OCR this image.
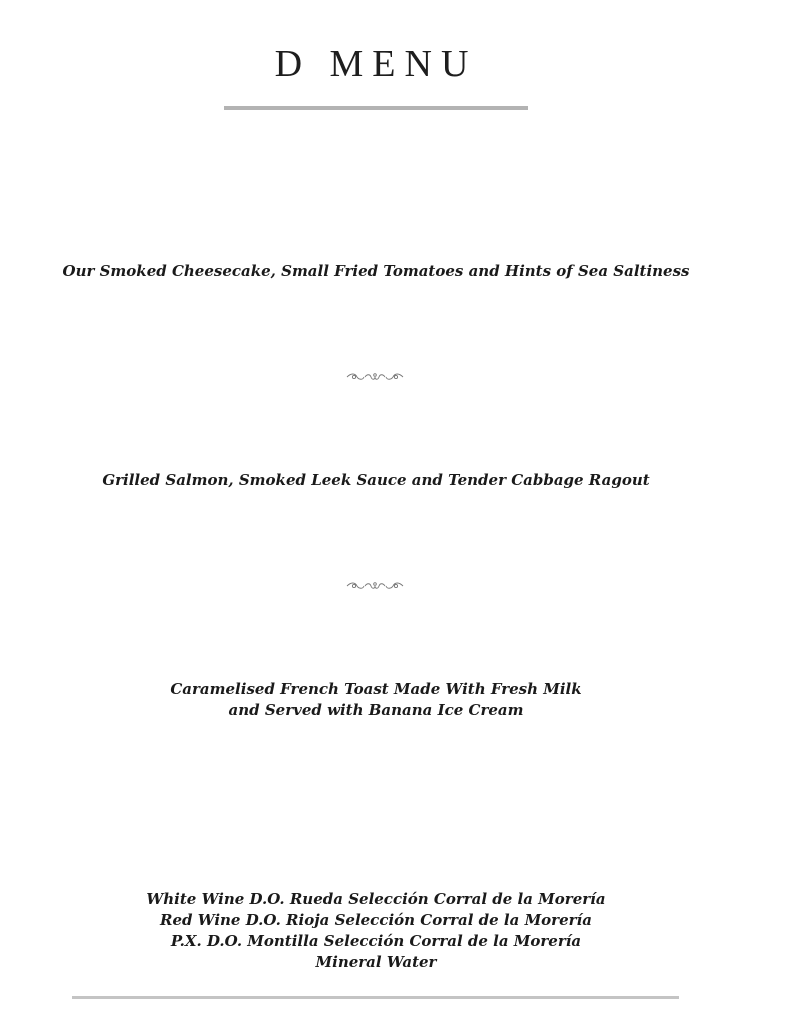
D MENU
Our Smoked Cheesecake, Small Fried Tomatoes and Hints of Sea Saltiness
Grilled Salmon, Smoked Leek Sauce and Tender Cabbage Ragout
Caramelised French Toast Made With Fresh Milk
and Served with Banana Ice Cream
White Wine D.O. Rueda Selección Corral de la Morería
Red Wine D.O. Rioja Selección Corral de la Morería
P.X. D.O. Montilla Selección Corral de la Morería
Mineral Water
